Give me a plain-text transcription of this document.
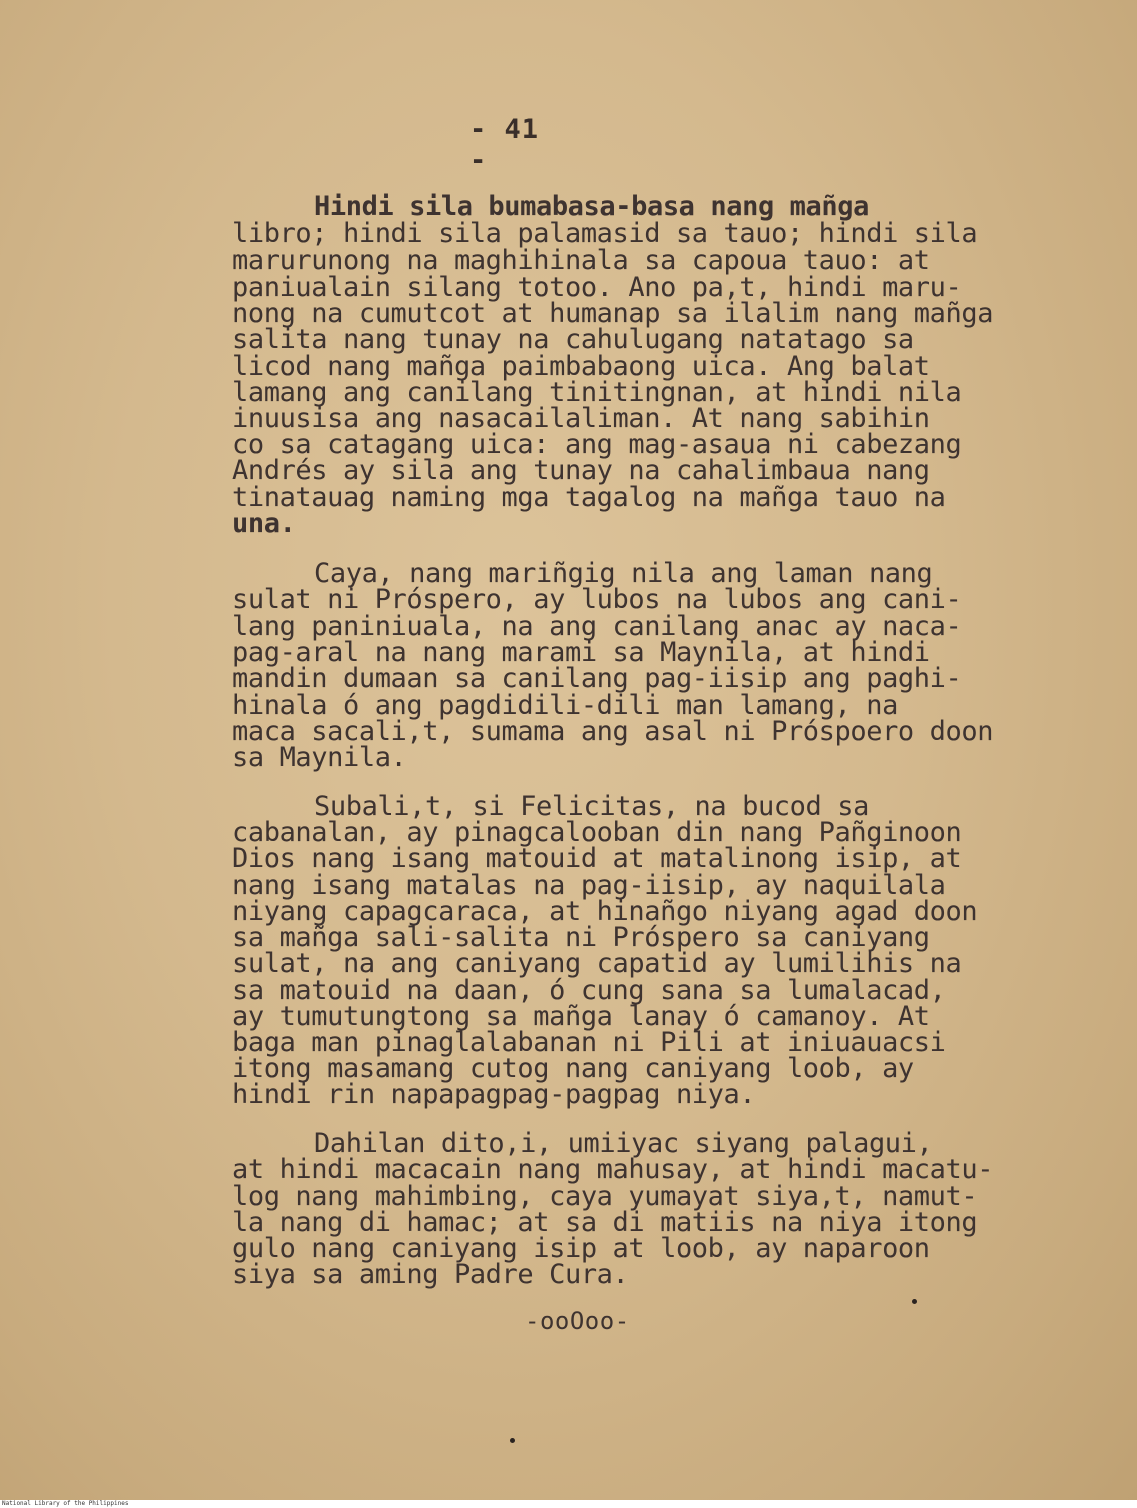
- 41 -
Hindi sila bumabasa-basa nang mañga
libro; hindi sila palamasid sa tauo; hindi sila
marurunong na maghihinala sa capoua tauo: at
paniualain silang totoo. Ano pa,t, hindi maru-
nong na cumutcot at humanap sa ilalim nang mañga
salita nang tunay na cahulugang natatago sa
licod nang mañga paimbabaong uica. Ang balat
lamang ang canilang tinitingnan, at hindi nila
inuusisa ang nasacailaliman. At nang sabihin
co sa catagang uica: ang mag-asaua ni cabezang
Andrés ay sila ang tunay na cahalimbaua nang
tinatauag naming mga tagalog na mañga tauo na
una.
Caya, nang mariñgig nila ang laman nang
sulat ni Próspero, ay lubos na lubos ang cani-
lang paniniuala, na ang canilang anac ay naca-
pag-aral na nang marami sa Maynila, at hindi
mandin dumaan sa canilang pag-iisip ang paghi-
hinala ó ang pagdidili-dili man lamang, na
maca sacali,t, sumama ang asal ni Próspoero doon
sa Maynila.
Subali,t, si Felicitas, na bucod sa
cabanalan, ay pinagcalooban din nang Pañginoon
Dios nang isang matouid at matalinong isip, at
nang isang matalas na pag-iisip, ay naquilala
niyang capagcaraca, at hinañgo niyang agad doon
sa mañga sali-salita ni Próspero sa caniyang
sulat, na ang caniyang capatid ay lumilihis na
sa matouid na daan, ó cung sana sa lumalacad,
ay tumutungtong sa mañga lanay ó camanoy. At
baga man pinaglalabanan ni Pili at iniuauacsi
itong masamang cutog nang caniyang loob, ay
hindi rin napapagpag-pagpag niya.
Dahilan dito,i, umiiyac siyang palagui,
at hindi macacain nang mahusay, at hindi macatu-
log nang mahimbing, caya yumayat siya,t, namut-
la nang di hamac; at sa di matiis na niya itong
gulo nang caniyang isip at loob, ay naparoon
siya sa aming Padre Cura.
-ooOoo-
National Library of the Philippines
